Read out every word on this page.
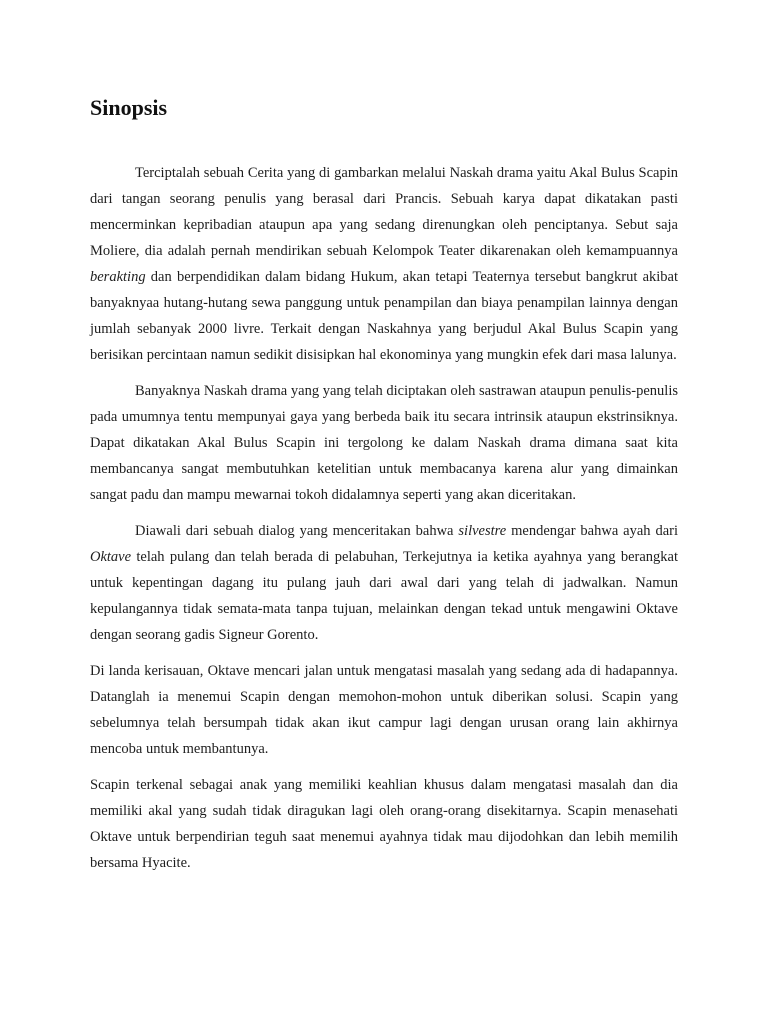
Sinopsis

Terciptalah sebuah Cerita yang di gambarkan melalui Naskah drama yaitu Akal Bulus Scapin dari tangan seorang penulis yang berasal dari Prancis. Sebuah karya dapat dikatakan pasti mencerminkan kepribadian ataupun apa yang sedang direnungkan oleh penciptanya. Sebut saja Moliere, dia adalah pernah mendirikan sebuah Kelompok Teater dikarenakan oleh kemampuannya berakting dan berpendidikan dalam bidang Hukum, akan tetapi Teaternya tersebut bangkrut akibat banyaknyaa hutang-hutang sewa panggung untuk penampilan dan biaya penampilan lainnya dengan jumlah sebanyak 2000 livre. Terkait dengan Naskahnya yang berjudul Akal Bulus Scapin yang berisikan percintaan namun sedikit disisipkan hal ekonominya yang mungkin efek dari masa lalunya.

Banyaknya Naskah drama yang yang telah diciptakan oleh sastrawan ataupun penulis-penulis pada umumnya tentu mempunyai gaya yang berbeda baik itu secara intrinsik ataupun ekstrinsiknya. Dapat dikatakan Akal Bulus Scapin ini tergolong ke dalam Naskah drama dimana saat kita membancanya sangat membutuhkan ketelitian untuk membacanya karena alur yang dimainkan sangat padu dan mampu mewarnai tokoh didalamnya seperti yang akan diceritakan.

Diawali dari sebuah dialog yang menceritakan bahwa silvestre mendengar bahwa ayah dari Oktave telah pulang dan telah berada di pelabuhan, Terkejutnya ia ketika ayahnya yang berangkat untuk kepentingan dagang itu pulang jauh dari awal dari yang telah di jadwalkan. Namun kepulangannya tidak semata-mata tanpa tujuan, melainkan dengan tekad untuk mengawini Oktave dengan seorang gadis Signeur Gorento.

Di landa kerisauan, Oktave mencari jalan untuk mengatasi masalah yang sedang ada di hadapannya. Datanglah ia menemui Scapin dengan memohon-mohon untuk diberikan solusi. Scapin yang sebelumnya telah bersumpah tidak akan ikut campur lagi dengan urusan orang lain akhirnya mencoba untuk membantunya.

Scapin terkenal sebagai anak yang memiliki keahlian khusus dalam mengatasi masalah dan dia memiliki akal yang sudah tidak diragukan lagi oleh orang-orang disekitarnya. Scapin menasehati Oktave untuk berpendirian teguh saat menemui ayahnya tidak mau dijodohkan dan lebih memilih bersama Hyacite.
